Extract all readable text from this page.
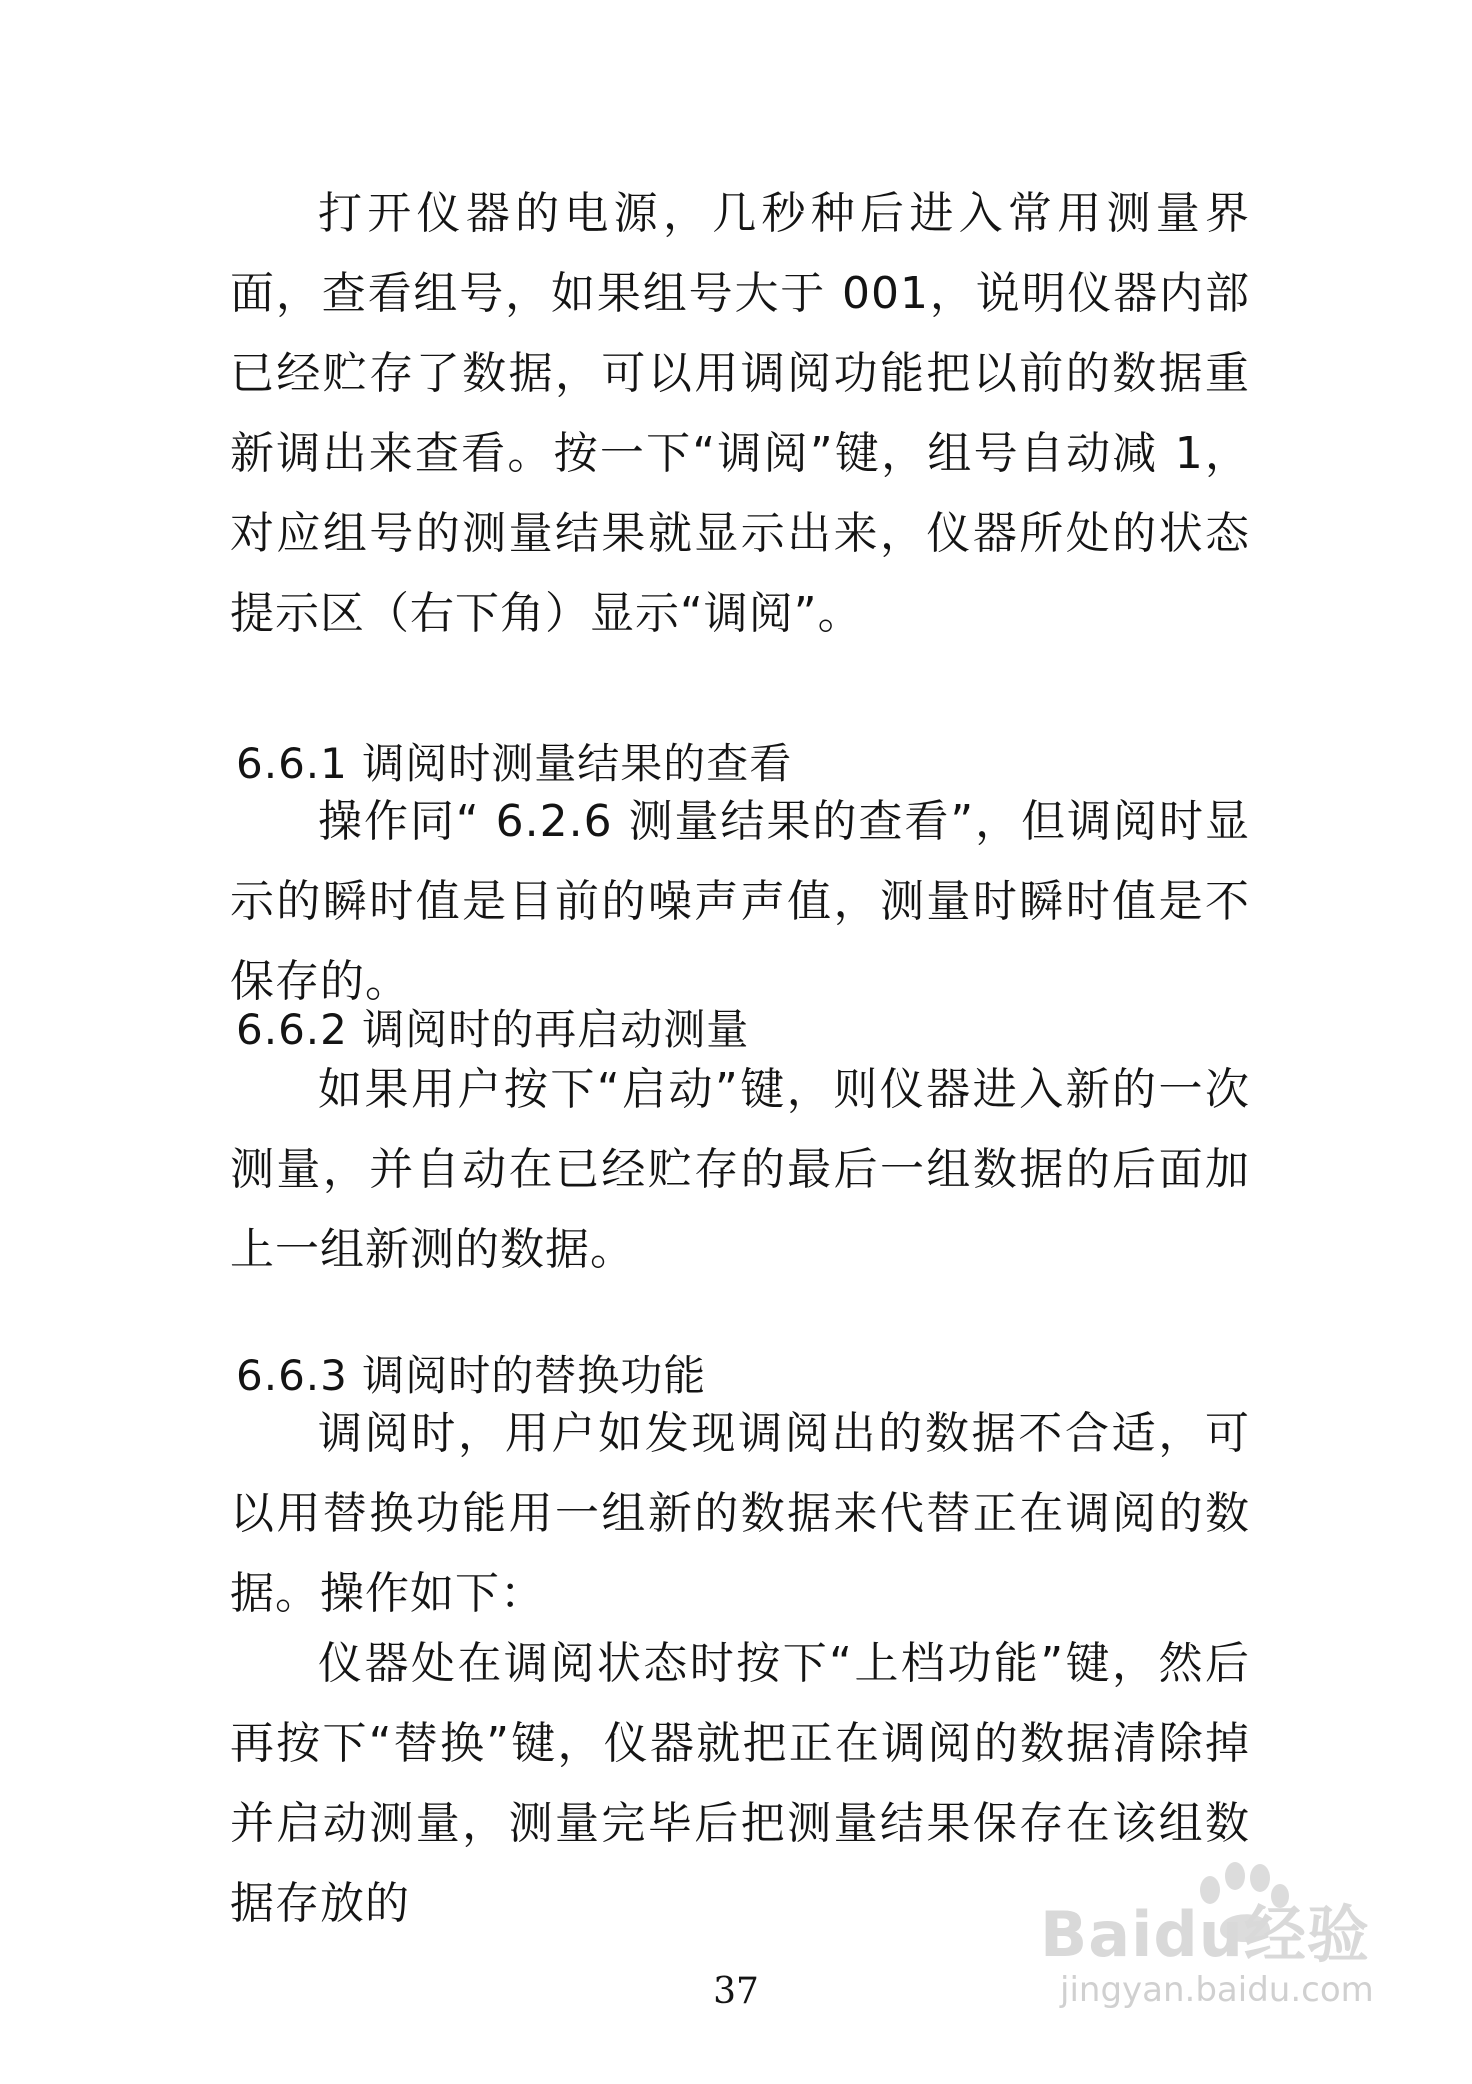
打开仪器的电源，几秒种后进入常用测量界面，查看组号，如果组号大于 001，说明仪器内部已经贮存了数据，可以用调阅功能把以前的数据重新调出来查看。按一下“调阅”键，组号自动减 1，对应组号的测量结果就显示出来，仪器所处的状态提示区（右下角）显示“调阅”。

6.6.1 调阅时测量结果的查看

操作同“ 6.2.6 测量结果的查看”，但调阅时显示的瞬时值是目前的噪声声值，测量时瞬时值是不保存的。

6.6.2 调阅时的再启动测量

如果用户按下“启动”键，则仪器进入新的一次测量，并自动在已经贮存的最后一组数据的后面加上一组新测的数据。

6.6.3 调阅时的替换功能

调阅时，用户如发现调阅出的数据不合适，可以用替换功能用一组新的数据来代替正在调阅的数据。操作如下：

仪器处在调阅状态时按下“上档功能”键，然后再按下“替换”键，仪器就把正在调阅的数据清除掉并启动测量，测量完毕后把测量结果保存在该组数据存放的	Baidu经验
jingyan.baidu.com
37
